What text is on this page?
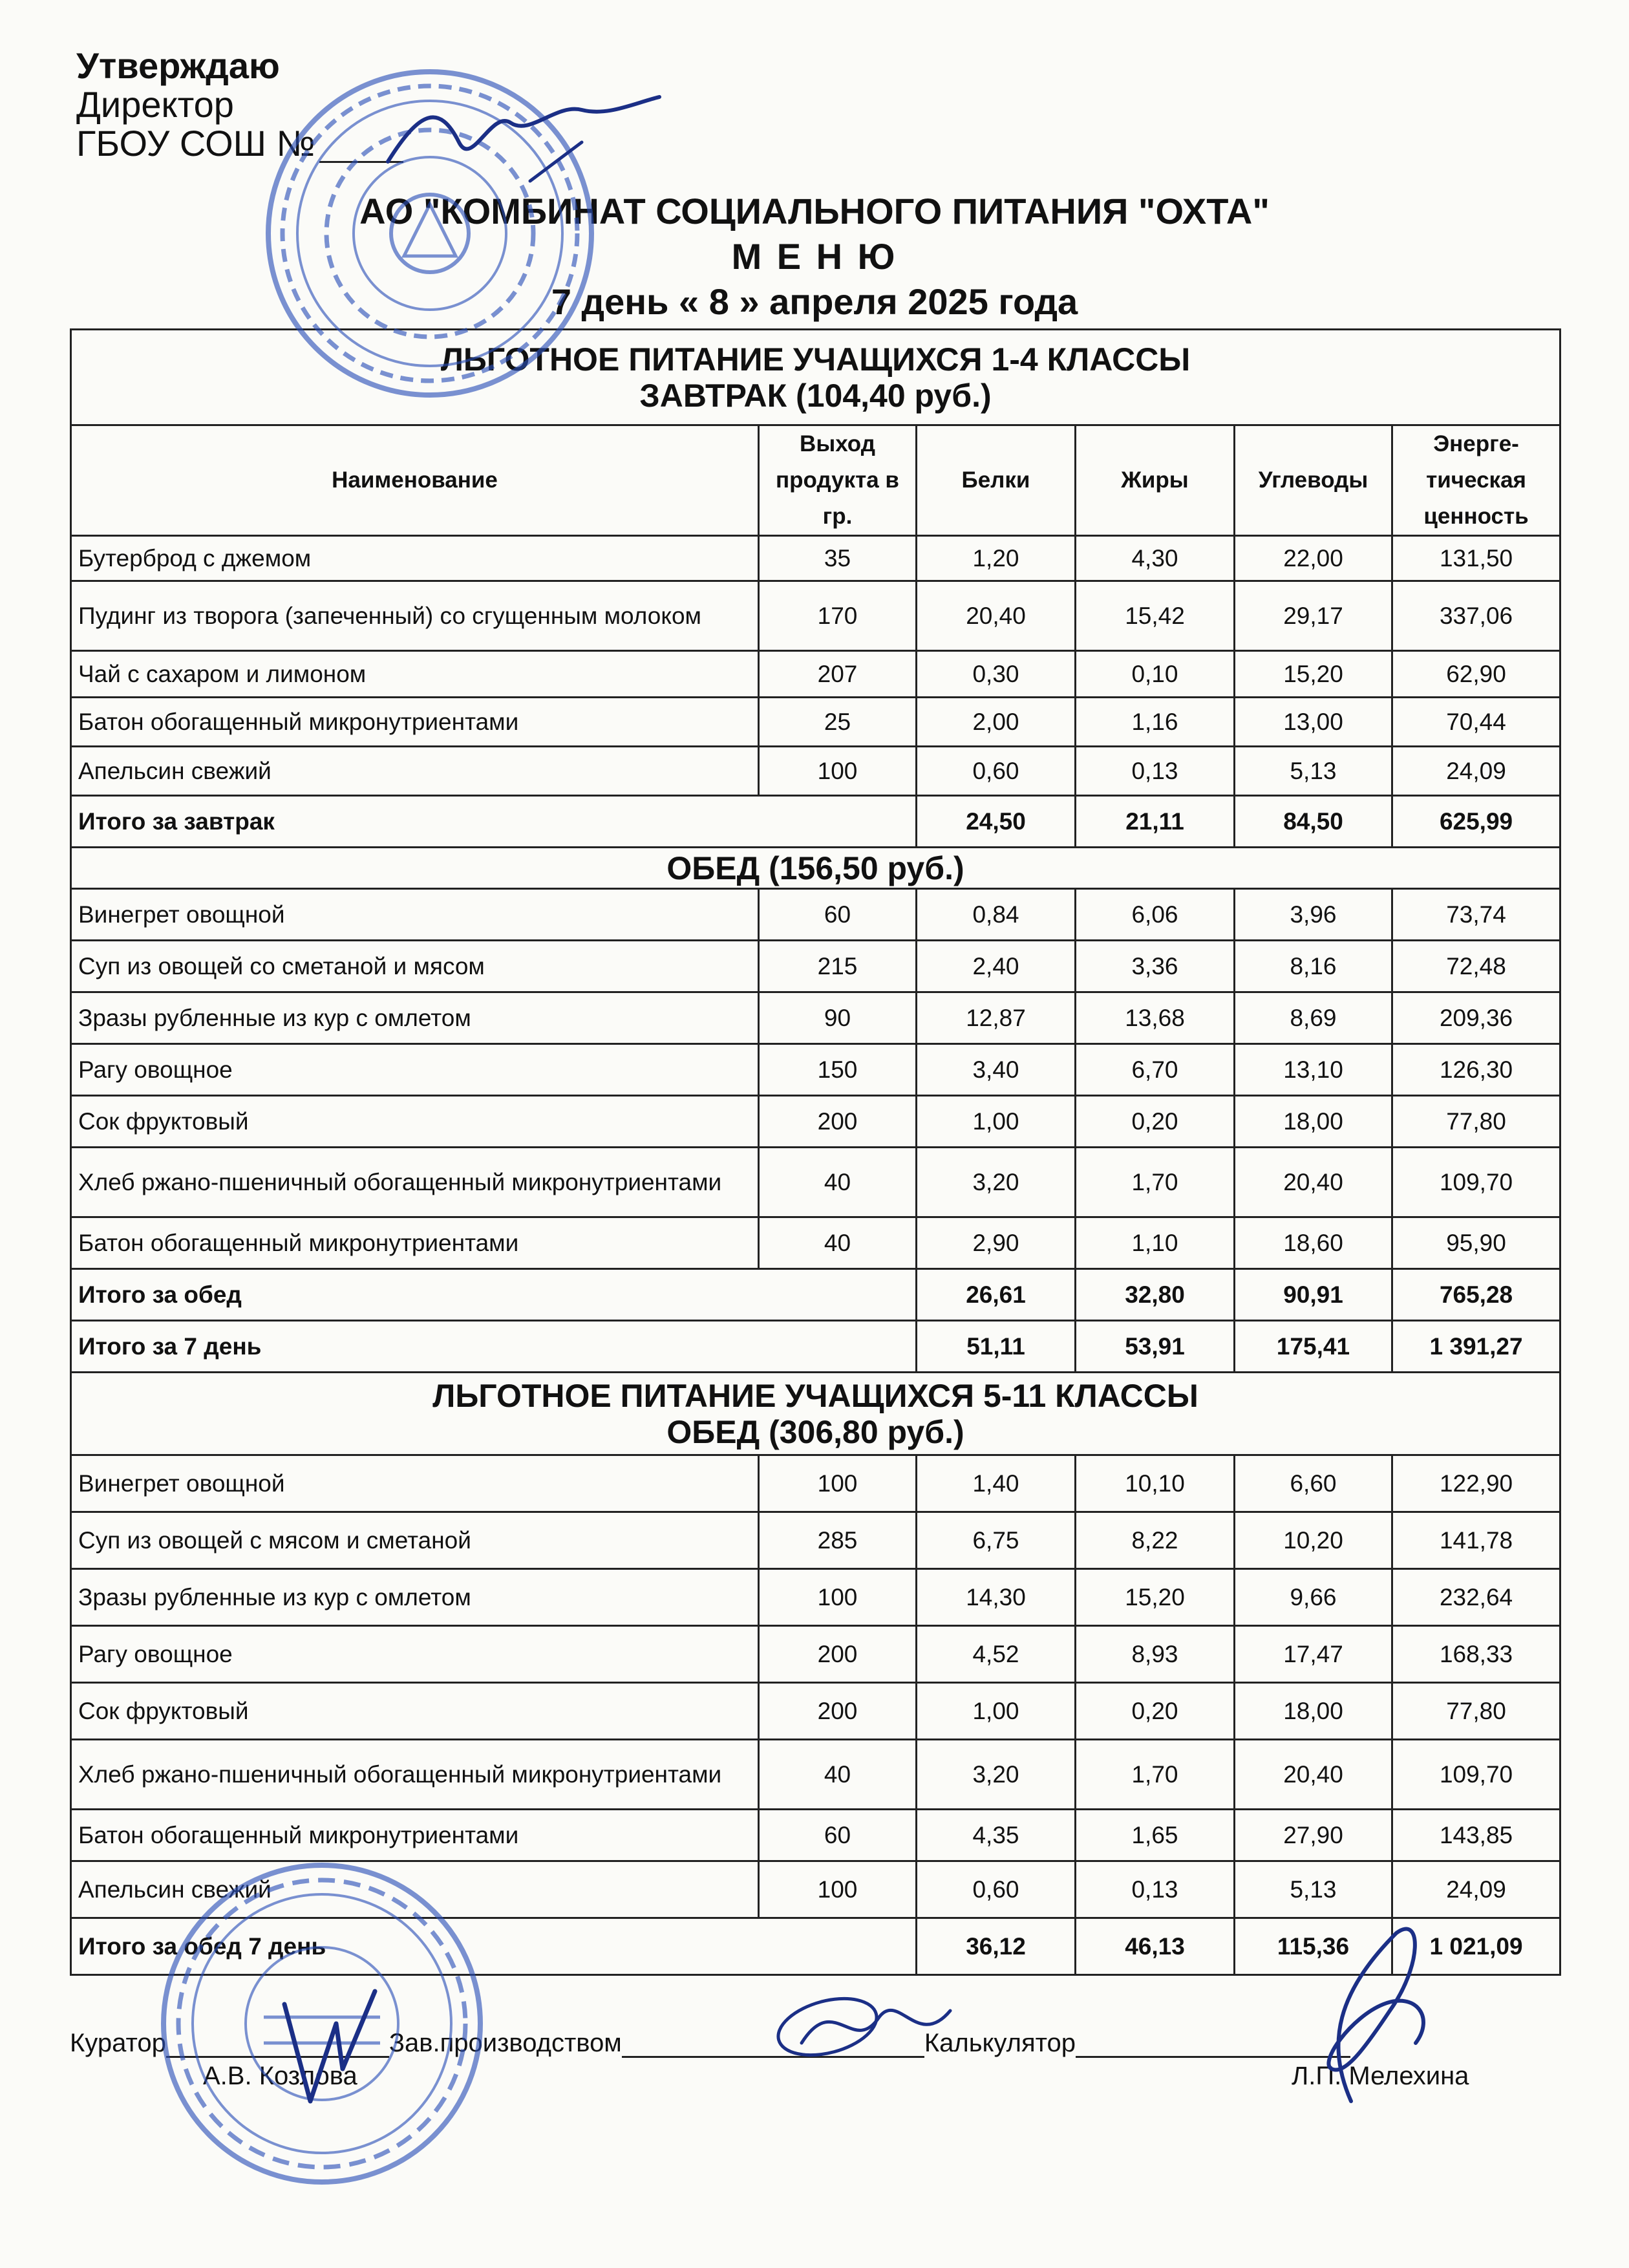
Утверждаю
Директор
ГБОУ СОШ №
АО "КОМБИНАТ СОЦИАЛЬНОГО ПИТАНИЯ "ОХТА"
М Е Н Ю
7 день « 8 » апреля 2025 года
ЛЬГОТНОЕ ПИТАНИЕ УЧАЩИХСЯ 1-4 КЛАССЫ
ЗАВТРАК (104,40 руб.)					

Наименование	Выход продукта в гр.	Белки	Жиры	Углеводы	Энерге-тическая ценность
Бутерброд с джемом	35	1,20	4,30	22,00	131,50
Пудинг из творога (запеченный) со сгущенным молоком	170	20,40	15,42	29,17	337,06
Чай с сахаром и лимоном	207	0,30	0,10	15,20	62,90
Батон обогащенный микронутриентами	25	2,00	1,16	13,00	70,44
Апельсин свежий	100	0,60	0,13	5,13	24,09
Итого за завтрак		24,50	21,11	84,50	625,99
ОБЕД (156,50 руб.)					
Винегрет овощной	60	0,84	6,06	3,96	73,74
Суп из овощей со сметаной и мясом	215	2,40	3,36	8,16	72,48
Зразы рубленные из кур с омлетом	90	12,87	13,68	8,69	209,36
Рагу овощное	150	3,40	6,70	13,10	126,30
Сок фруктовый	200	1,00	0,20	18,00	77,80
Хлеб ржано-пшеничный обогащенный микронутриентами	40	3,20	1,70	20,40	109,70
Батон обогащенный микронутриентами	40	2,90	1,10	18,60	95,90
Итого за обед		26,61	32,80	90,91	765,28
Итого за 7 день		51,11	53,91	175,41	1 391,27

ЛЬГОТНОЕ ПИТАНИЕ УЧАЩИХСЯ 5-11 КЛАССЫ
ОБЕД (306,80 руб.)					

Винегрет овощной	100	1,40	10,10	6,60	122,90
Суп из овощей с мясом и сметаной	285	6,75	8,22	10,20	141,78
Зразы рубленные из кур с омлетом	100	14,30	15,20	9,66	232,64
Рагу овощное	200	4,52	8,93	17,47	168,33
Сок фруктовый	200	1,00	0,20	18,00	77,80
Хлеб ржано-пшеничный обогащенный микронутриентами	40	3,20	1,70	20,40	109,70
Батон обогащенный микронутриентами	60	4,35	1,65	27,90	143,85
Апельсин свежий	100	0,60	0,13	5,13	24,09
Итого за обед 7 день		36,12	46,13	115,36	1 021,09
Куратор	Зав.производством	Калькулятор
А.В. Козлова	Л.П. Мелехина
